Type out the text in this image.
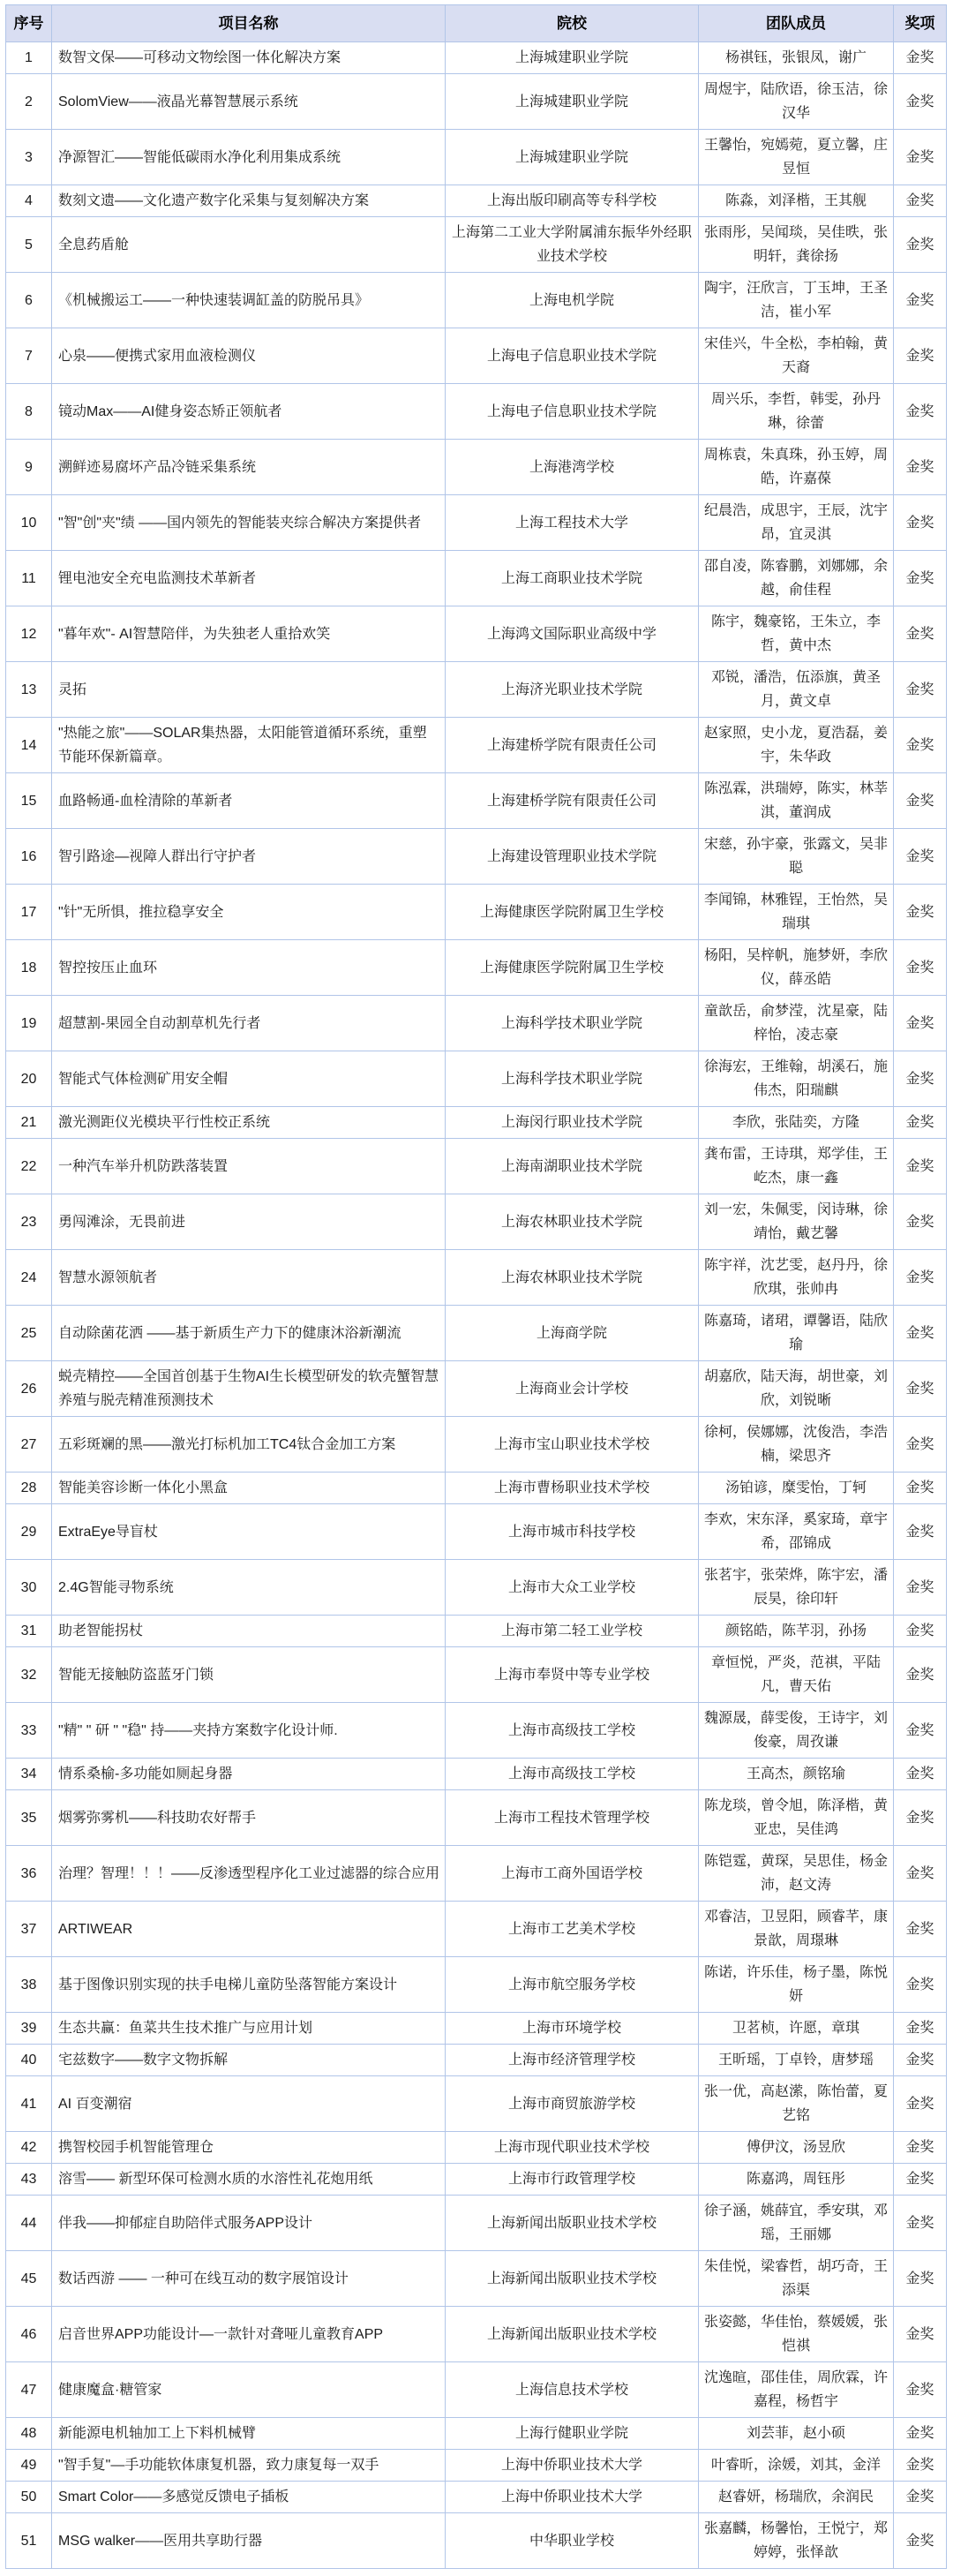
序号	项目名称	院校	团队成员	奖项
1	数智文保——可移动文物绘图一体化解决方案	上海城建职业学院	杨祺钰，张银凤，谢广	金奖
2	SolomView——液晶光幕智慧展示系统	上海城建职业学院	周煜宇，陆欣语，徐玉洁，徐汉华	金奖
3	净源智汇——智能低碳雨水净化利用集成系统	上海城建职业学院	王馨怡，宛嫣菀，夏立馨，庄昱恒	金奖
4	数刻文遗——文化遗产数字化采集与复刻解决方案	上海出版印刷高等专科学校	陈淼，刘泽楷，王其舰	金奖
5	全息药盾舱	上海第二工业大学附属浦东振华外经职业技术学校	张雨彤，吴闻琰，吴佳昳，张明轩，龚徐扬	金奖
6	《机械搬运工——一种快速装调缸盖的防脱吊具》	上海电机学院	陶宇，汪欣言，丁玉坤，王圣洁，崔小军	金奖
7	心泉——便携式家用血液检测仪	上海电子信息职业技术学院	宋佳兴，牛全松，李柏翰，黄天裔	金奖
8	镜动Max——AI健身姿态矫正领航者	上海电子信息职业技术学院	周兴乐，李哲，韩雯，孙丹琳，徐蕾	金奖
9	溯鲜迹易腐坏产品冷链采集系统	上海港湾学校	周栋袁，朱真珠，孙玉婷，周皓，许嘉葆	金奖
10	"智"创"夹"绩 ——国内领先的智能装夹综合解决方案提供者	上海工程技术大学	纪晨浩，成思宇，王辰，沈宇昂，宜灵淇	金奖
11	锂电池安全充电监测技术革新者	上海工商职业技术学院	邵自凌，陈睿鹏，刘娜娜，余越，俞佳程	金奖
12	"暮年欢"- AI智慧陪伴，为失独老人重拾欢笑	上海鸿文国际职业高级中学	陈宇，魏豪铭，王朱立，李哲，黄中杰	金奖
13	灵拓	上海济光职业技术学院	邓锐，潘浩，伍添旗，黄圣月，黄文卓	金奖
14	"热能之旅"——SOLAR集热器，太阳能管道循环系统，重塑节能环保新篇章。	上海建桥学院有限责任公司	赵家照，史小龙，夏浩磊，姜宇，朱华政	金奖
15	血路畅通-血栓清除的革新者	上海建桥学院有限责任公司	陈泓霖，洪瑞婷，陈实，林莘淇，董润成	金奖
16	智引路途—视障人群出行守护者	上海建设管理职业技术学院	宋慈，孙宇豪，张露文，吴非聪	金奖
17	"针"无所惧，推拉稳享安全	上海健康医学院附属卫生学校	李闻锦，林雅锃，王怡然，吴瑞琪	金奖
18	智控按压止血环	上海健康医学院附属卫生学校	杨阳，吴梓帆，施梦妍，李欣仪，薛丞皓	金奖
19	超慧割-果园全自动割草机先行者	上海科学技术职业学院	童歆岳，俞梦滢，沈星豪，陆梓怡，凌志豪	金奖
20	智能式气体检测矿用安全帽	上海科学技术职业学院	徐海宏，王维翰，胡溪石，施伟杰，阳瑞麒	金奖
21	激光测距仪光模块平行性校正系统	上海闵行职业技术学院	李欣，张陆奕，方隆	金奖
22	一种汽车举升机防跌落装置	上海南湖职业技术学院	龚布雷，王诗琪，郑学佳，王屹杰，康一鑫	金奖
23	勇闯滩涂，无畏前进	上海农林职业技术学院	刘一宏，朱佩雯，闵诗琳，徐靖怡，戴艺馨	金奖
24	智慧水源领航者	上海农林职业技术学院	陈宇祥，沈艺雯，赵丹丹，徐欣琪，张帅冉	金奖
25	自动除菌花洒 ——基于新质生产力下的健康沐浴新潮流	上海商学院	陈嘉琦，诸珺，谭馨语，陆欣瑜	金奖
26	蜕壳精控——全国首创基于生物AI生长模型研发的软壳蟹智慧养殖与脱壳精准预测技术	上海商业会计学校	胡嘉欣，陆天海，胡世豪，刘欣，刘锐晰	金奖
27	五彩斑斓的黑——激光打标机加工TC4钛合金加工方案	上海市宝山职业技术学校	徐柯，侯娜娜，沈俊浩，李浩楠，梁思齐	金奖
28	智能美容诊断一体化小黑盒	上海市曹杨职业技术学校	汤铂谚，糜雯怡，丁轲	金奖
29	ExtraEye导盲杖	上海市城市科技学校	李欢，宋东泽，奚家琦，章宇希，邵锦成	金奖
30	2.4G智能寻物系统	上海市大众工业学校	张茗宇，张荣烨，陈宇宏，潘辰昊，徐印轩	金奖
31	助老智能拐杖	上海市第二轻工业学校	颜铭皓，陈芊羽，孙扬	金奖
32	智能无接触防盗蓝牙门锁	上海市奉贤中等专业学校	章恒悦，严炎，范祺，平陆凡，曹天佑	金奖
33	"精" " 研 " "稳" 持——夹持方案数字化设计师.	上海市高级技工学校	魏源晟，薛雯俊，王诗宇，刘俊豪，周孜谦	金奖
34	情系桑榆-多功能如厕起身器	上海市高级技工学校	王高杰，颜铭瑜	金奖
35	烟雾弥雾机——科技助农好帮手	上海市工程技术管理学校	陈龙琰，曾令旭，陈泽楷，黄亚忠，吴佳鸿	金奖
36	治理？智理！！！——反渗透型程序化工业过滤器的综合应用	上海市工商外国语学校	陈铠霆，黄琛，吴思佳，杨金沛，赵文涛	金奖
37	ARTIWEAR	上海市工艺美术学校	邓睿洁，卫昱阳，顾睿芊，康景歆，周璟琳	金奖
38	基于图像识别实现的扶手电梯儿童防坠落智能方案设计	上海市航空服务学校	陈诺，许乐佳，杨子墨，陈悦妍	金奖
39	生态共赢：鱼菜共生技术推广与应用计划	上海市环境学校	卫茗桢，许愿，章琪	金奖
40	宅兹数字——数字文物拆解	上海市经济管理学校	王昕瑶，丁卓铃，唐梦瑶	金奖
41	AI 百变潮宿	上海市商贸旅游学校	张一优，高赵潆，陈怡蕾，夏艺铭	金奖
42	携智校园手机智能管理仓	上海市现代职业技术学校	傅伊汶，汤昱欣	金奖
43	溶雪—— 新型环保可检测水质的水溶性礼花炮用纸	上海市行政管理学校	陈嘉鸿，周钰彤	金奖
44	伴我——抑郁症自助陪伴式服务APP设计	上海新闻出版职业技术学校	徐子涵，姚薛宜，季安琪，邓瑶，王丽娜	金奖
45	数话西游 —— 一种可在线互动的数字展馆设计	上海新闻出版职业技术学校	朱佳悦，梁睿哲，胡巧奇，王添渠	金奖
46	启音世界APP功能设计—一款针对聋哑儿童教育APP	上海新闻出版职业技术学校	张姿懿，华佳怡，蔡媛媛，张恺祺	金奖
47	健康魔盒·糖管家	上海信息技术学校	沈逸暄，邵佳佳，周欣霖，许嘉程，杨哲宇	金奖
48	新能源电机轴加工上下料机械臂	上海行健职业学院	刘芸菲，赵小硕	金奖
49	"智手复"—手功能软体康复机器，致力康复每一双手	上海中侨职业技术大学	叶睿昕，涂媛，刘其，金洋	金奖
50	Smart Color——多感觉反馈电子插板	上海中侨职业技术大学	赵睿妍，杨瑞欣，余润民	金奖
51	MSG walker——医用共享助行器	中华职业学校	张嘉麟，杨馨怡，王悦宁，郑婷婷，张怿歆	金奖
